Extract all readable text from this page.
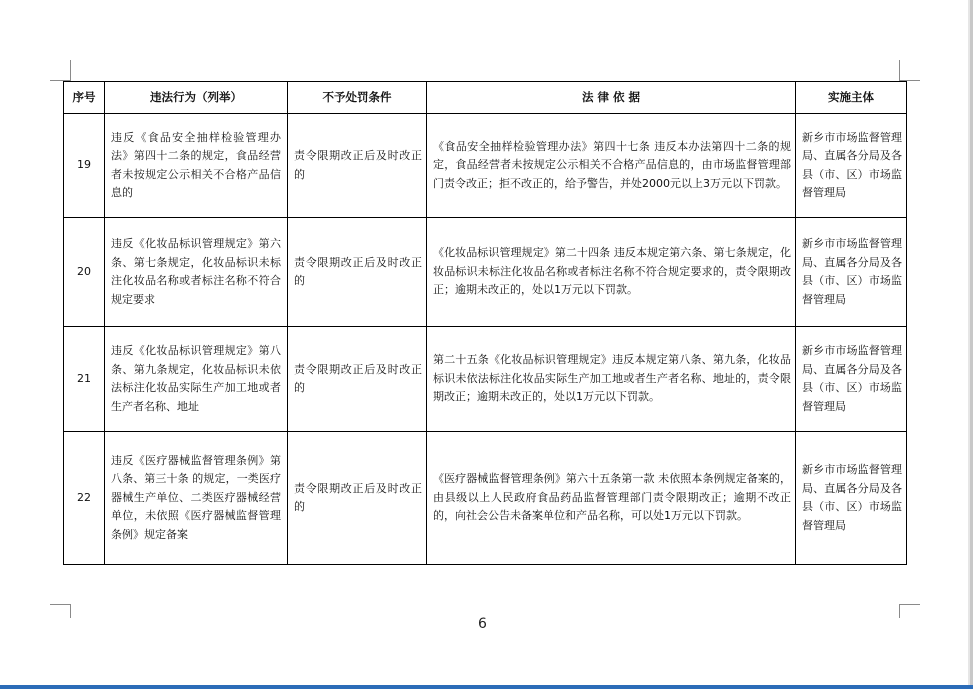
序号	违法行为（列举）	不予处罚条件	法 律 依 据	实施主体
19	违反《食品安全抽样检验管理办法》第四十二条的规定，食品经营者未按规定公示相关不合格产品信息的	责令限期改正后及时改正的	《食品安全抽样检验管理办法》第四十七条 违反本办法第四十二条的规定，食品经营者未按规定公示相关不合格产品信息的，由市场监督管理部门责令改正；拒不改正的，给予警告，并处2000元以上3万元以下罚款。	新乡市市场监督管理局、直属各分局及各县（市、区）市场监督管理局
20	违反《化妆品标识管理规定》第六条、第七条规定，化妆品标识未标注化妆品名称或者标注名称不符合规定要求	责令限期改正后及时改正的	《化妆品标识管理规定》第二十四条 违反本规定第六条、第七条规定，化妆品标识未标注化妆品名称或者标注名称不符合规定要求的，责令限期改正；逾期未改正的，处以1万元以下罚款。	新乡市市场监督管理局、直属各分局及各县（市、区）市场监督管理局
21	违反《化妆品标识管理规定》第八条、第九条规定，化妆品标识未依法标注化妆品实际生产加工地或者生产者名称、地址	责令限期改正后及时改正的	第二十五条《化妆品标识管理规定》违反本规定第八条、第九条，化妆品标识未依法标注化妆品实际生产加工地或者生产者名称、地址的，责令限期改正；逾期未改正的，处以1万元以下罚款。	新乡市市场监督管理局、直属各分局及各县（市、区）市场监督管理局
22	违反《医疗器械监督管理条例》第八条、第三十条 的规定，一类医疗器械生产单位、二类医疗器械经营单位，未依照《医疗器械监督管理条例》规定备案	责令限期改正后及时改正的	《医疗器械监督管理条例》第六十五条第一款 未依照本条例规定备案的，由县级以上人民政府食品药品监督管理部门责令限期改正；逾期不改正的，向社会公告未备案单位和产品名称，可以处1万元以下罚款。	新乡市市场监督管理局、直属各分局及各县（市、区）市场监督管理局
6
